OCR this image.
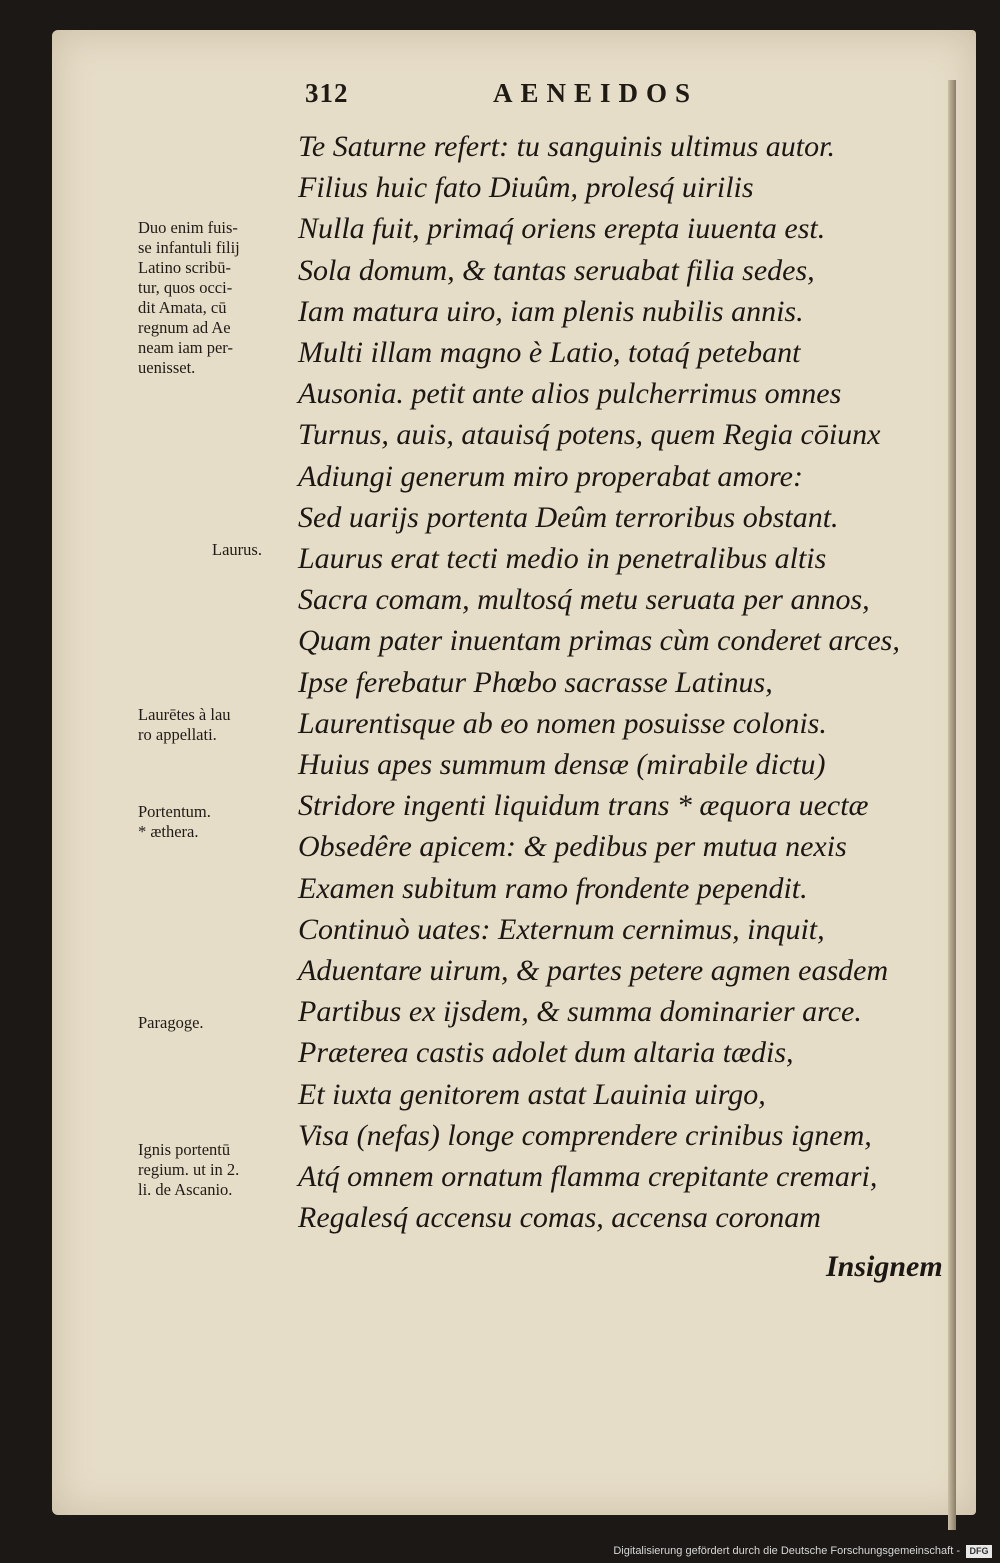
312	AENEIDOS
Te Saturne refert: tu sanguinis ultimus autor.
Filius huic fato Diuûm, prolesq́ uirilis
Nulla fuit, primaq́ oriens erepta iuuenta est.
Sola domum, & tantas seruabat filia sedes,
Iam matura uiro, iam plenis nubilis annis.
Multi illam magno è Latio, totaq́ petebant
Ausonia. petit ante alios pulcherrimus omnes
Turnus, auis, atauisq́ potens, quem Regia cōiunx
Adiungi generum miro properabat amore:
Sed uarijs portenta Deûm terroribus obstant.
Laurus erat tecti medio in penetralibus altis
Sacra comam, multosq́ metu seruata per annos,
Quam pater inuentam primas cùm conderet arces,
Ipse ferebatur Phœbo sacrasse Latinus,
Laurentisque ab eo nomen posuisse colonis.
Huius apes summum densæ (mirabile dictu)
Stridore ingenti liquidum trans * æquora uectæ
Obsedêre apicem: & pedibus per mutua nexis
Examen subitum ramo frondente pependit.
Continuò uates: Externum cernimus, inquit,
Aduentare uirum, & partes petere agmen easdem
Partibus ex ijsdem, & summa dominarier arce.
Præterea castis adolet dum altaria tædis,
Et iuxta genitorem astat Lauinia uirgo,
Visa (nefas) longe comprendere crinibus ignem,
Atq́ omnem ornatum flamma crepitante cremari,
Regalesq́ accensu comas, accensa coronam
Insignem
Duo enim fuis-
se infantuli filij
Latino scribū-
tur, quos occi-
dit Amata, cū
regnum ad Ae
neam iam per-
uenisset.
Laurus.
Laurētes à lau
ro appellati.
Portentum.
* æthera.
Paragoge.
Ignis portentū
regium. ut in 2.
li. de Ascanio.
Digitalisierung gefördert durch die Deutsche Forschungsgemeinschaft -	DFG
